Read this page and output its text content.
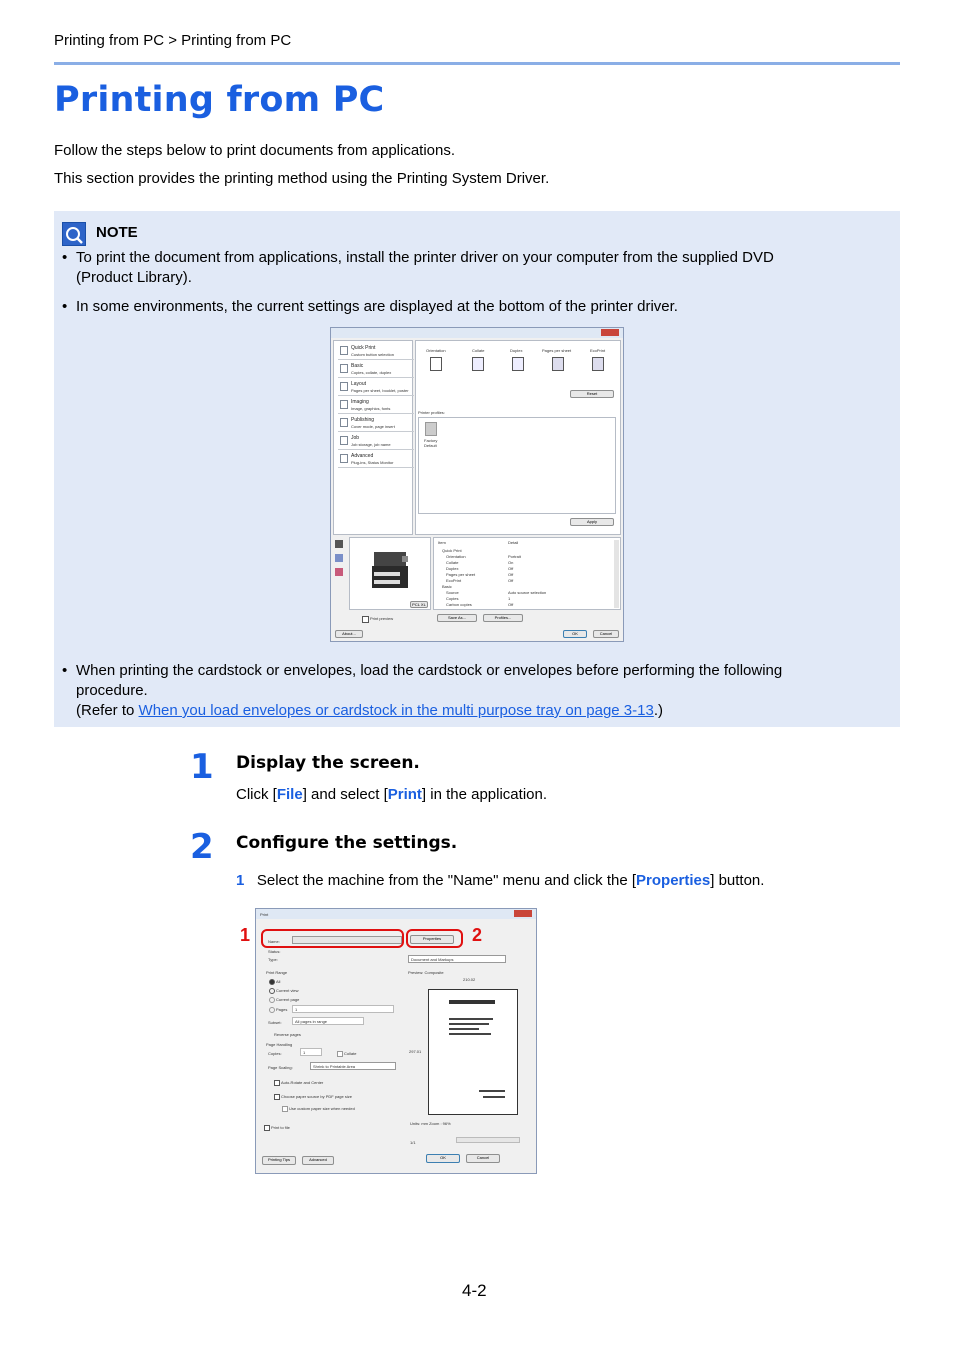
Printing from PC > Printing from PC
Printing from PC
Follow the steps below to print documents from applications.
This section provides the printing method using the Printing System Driver.
NOTE
• To print the document from applications, install the printer driver on your computer from the supplied DVD
(Product Library).
• In some environments, the current settings are displayed at the bottom of the printer driver.
Quick Print
Custom button selection
Basic
Copies, collate, duplex
Layout
Pages per sheet, booklet, poster
Imaging
Image, graphics, fonts
Publishing
Cover mode, page insert
Job
Job storage, job name
Advanced
Plug-ins, Status Monitor
Orientation	Collate	Duplex	Pages per sheet	EcoPrint
Reset
Printer profiles:
Factory Default
Apply
PCL XL
Print preview
Item	Detail
Quick Print
Orientation	Portrait
Collate	On
Duplex	Off
Pages per sheet	Off
EcoPrint	Off
Basic
Source	Auto source selection
Copies	1
Carbon copies	Off
Save As...	Profiles...
About...	OK	Cancel
• When printing the cardstock or envelopes, load the cardstock or envelopes before performing the following
procedure.
(Refer to When you load envelopes or cardstock in the multi purpose tray on page 3-13.)
1 Display the screen.
Click [File] and select [Print] in the application.
2 Configure the settings.
1 Select the machine from the "Name" menu and click the [Properties] button.
Print
Name:
Properties
Status:
Type:	Document and Markups
Print Range
All
Current view
Current page
Pages 1
Subset:	All pages in range
Reverse pages
Page Handling
Copies:	1	Collate
Page Scaling:	Shrink to Printable Area
Auto-Rotate and Center
Choose paper source by PDF page size
Use custom paper size when needed
Print to file
Preview: Composite
210.02
297.01
Units: mm Zoom : 96%
1/1
Printing Tips	Advanced	OK	Cancel
1	2
4-2
